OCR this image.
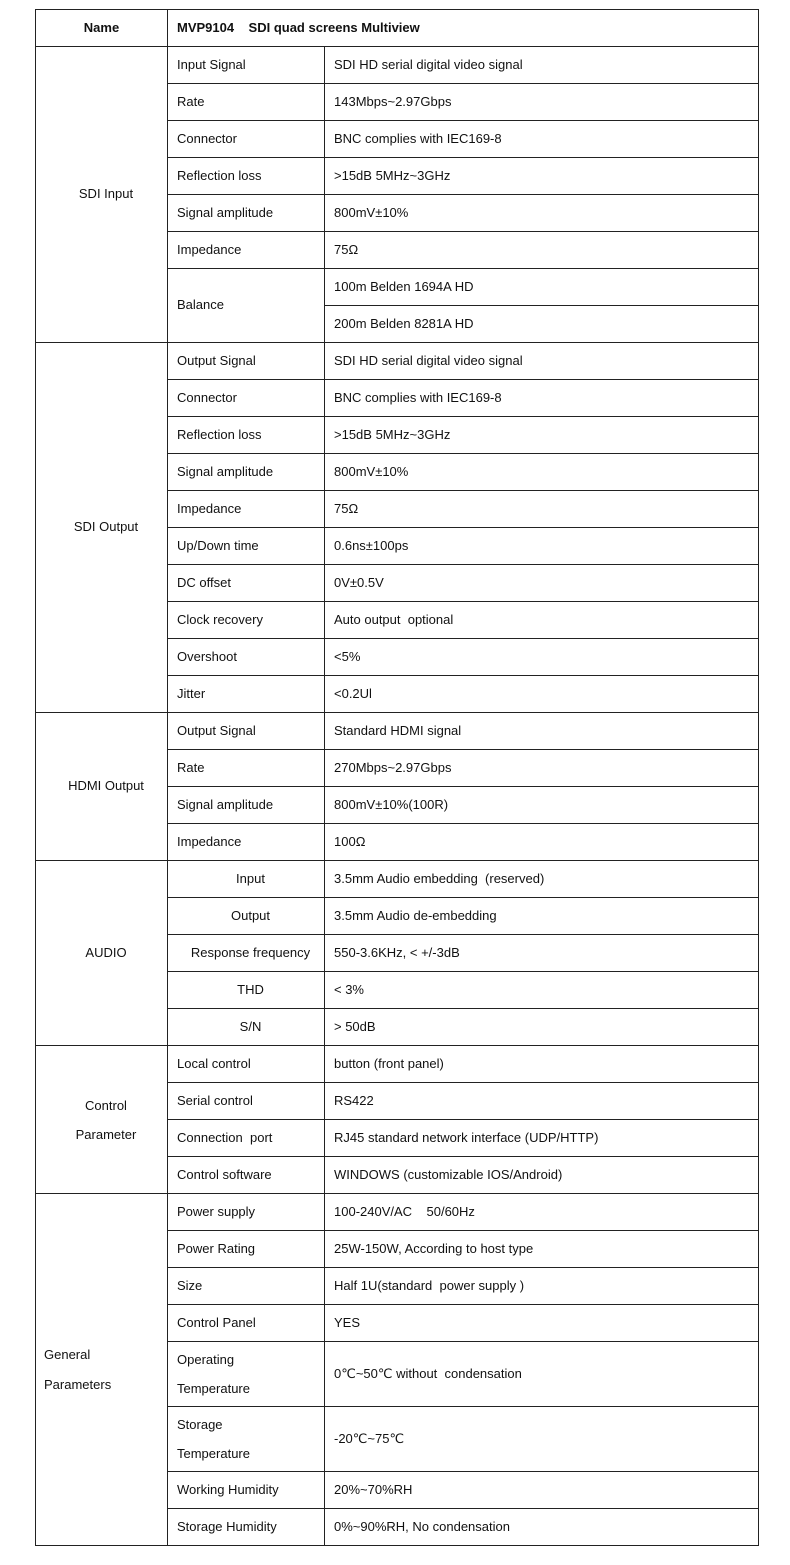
Name	MVP9104    SDI quad screens Multiview	
SDI Input	Input Signal	SDI HD serial digital video signal
	Rate	143Mbps~2.97Gbps
	Connector	BNC complies with IEC169-8
	Reflection loss	>15dB 5MHz~3GHz
	Signal amplitude	800mV±10%
	Impedance	75Ω
	Balance	100m Belden 1694A HD
		200m Belden 8281A HD
SDI Output	Output Signal	SDI HD serial digital video signal
	Connector	BNC complies with IEC169-8
	Reflection loss	>15dB 5MHz~3GHz
	Signal amplitude	800mV±10%
	Impedance	75Ω
	Up/Down time	0.6ns±100ps
	DC offset	0V±0.5V
	Clock recovery	Auto output  optional
	Overshoot	<5%
	Jitter	<0.2Ul
HDMI Output	Output Signal	Standard HDMI signal
	Rate	270Mbps~2.97Gbps
	Signal amplitude	800mV±10%(100R)
	Impedance	100Ω
AUDIO	Input	3.5mm Audio embedding  (reserved)
	Output	3.5mm Audio de-embedding
	Response frequency	550-3.6KHz, < +/-3dB
	THD	< 3%
	S/N	> 50dB
Control
Parameter	Local control	button (front panel)
	Serial control	RS422
	Connection  port	RJ45 standard network interface (UDP/HTTP)
	Control software	WINDOWS (customizable IOS/Android)
General
Parameters	Power supply	100-240V/AC    50/60Hz
	Power Rating	25W-150W, According to host type
	Size	Half 1U(standard  power supply )
	Control Panel	YES
	Operating
Temperature	0℃~50℃ without  condensation
	Storage
Temperature	-20℃~75℃
	Working Humidity	20%~70%RH
	Storage Humidity	0%~90%RH, No condensation
